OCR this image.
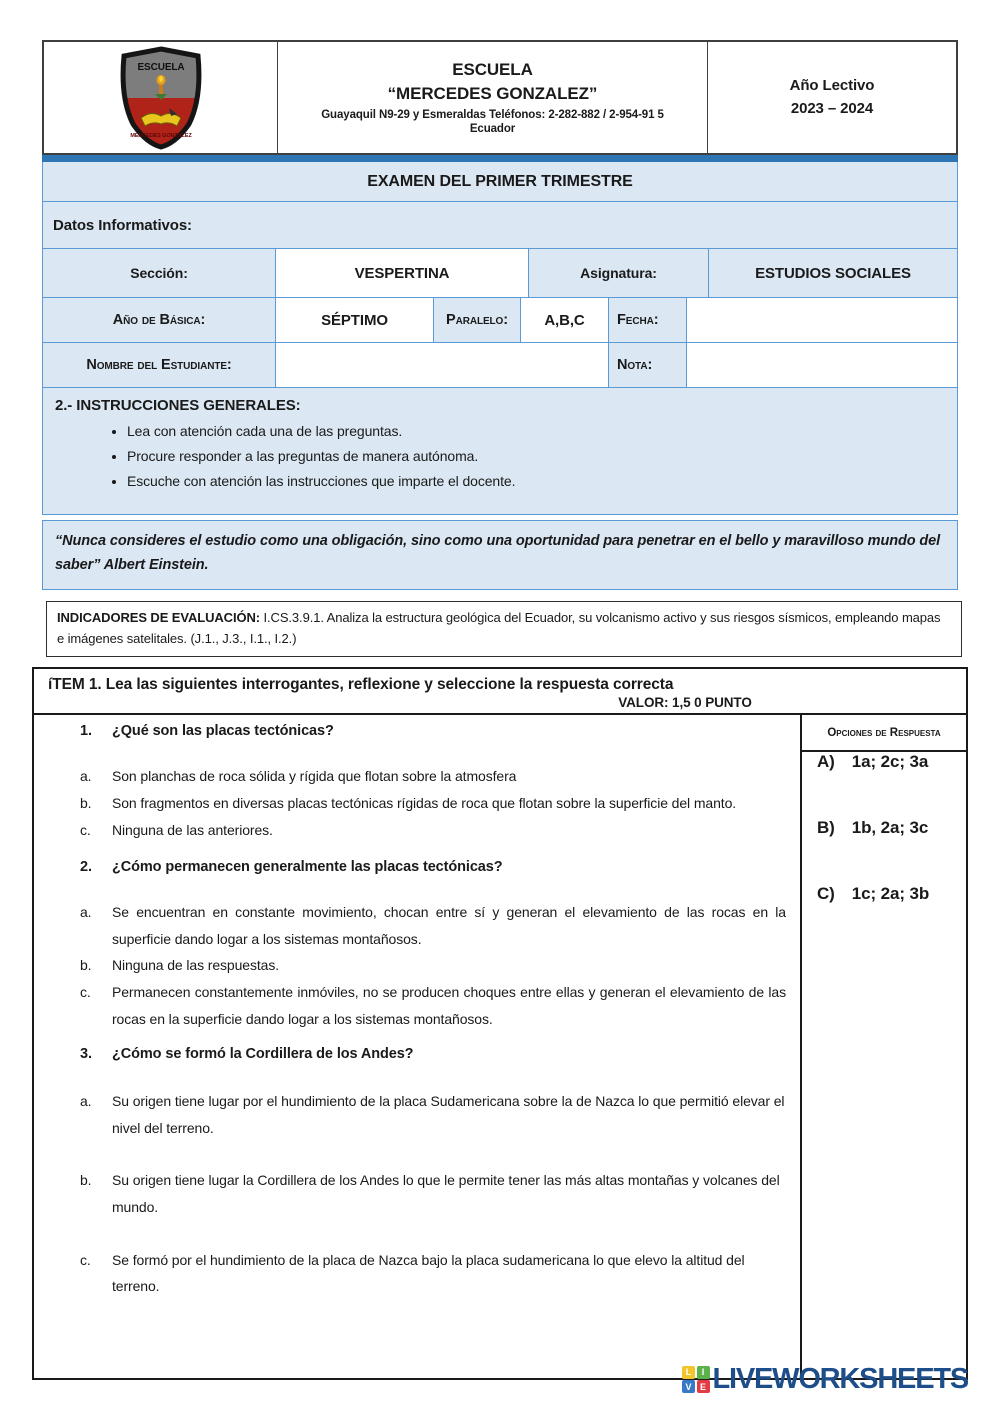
ESCUELA
MERCEDES GONZALEZ
ESCUELA
“MERCEDES GONZALEZ”
Guayaquil N9-29 y Esmeraldas Teléfonos: 2-282-882 / 2-954-91 5
Ecuador
Año Lectivo
2023 – 2024
EXAMEN DEL PRIMER TRIMESTRE
Datos Informativos:
Sección:	VESPERTINA	Asignatura:	ESTUDIOS SOCIALES
Año de Básica:	SÉPTIMO	Paralelo:	A,B,C	Fecha:
Nombre del Estudiante:	Nota:
2.- INSTRUCCIONES GENERALES:
• Lea con atención cada una de las preguntas.
• Procure responder a las preguntas de manera autónoma.
• Escuche con atención las instrucciones que imparte el docente.
“Nunca consideres el estudio como una obligación, sino como una oportunidad para penetrar en el bello y maravilloso mundo del saber” Albert Einstein.
INDICADORES DE EVALUACIÓN: I.CS.3.9.1. Analiza la estructura geológica del Ecuador, su volcanismo activo y sus riesgos sísmicos, empleando mapas e imágenes satelitales. (J.1., J.3., I.1., I.2.)
íTEM 1. Lea las siguientes interrogantes, reflexione y seleccione la respuesta correcta
VALOR: 1,5 0 PUNTO
1.	¿Qué son las placas tectónicas?
a.	Son planchas de roca sólida y rígida que flotan sobre la atmosfera
b.	Son fragmentos en diversas placas tectónicas rígidas de roca que flotan sobre la superficie del manto.
c.	Ninguna de las anteriores.
2.	¿Cómo permanecen generalmente las placas tectónicas?
a.	Se encuentran en constante movimiento, chocan entre sí y generan el elevamiento de las rocas en la superficie dando logar a los sistemas montañosos.
b.	Ninguna de las respuestas.
c.	Permanecen constantemente inmóviles, no se producen choques entre ellas y generan el elevamiento de las rocas en la superficie dando logar a los sistemas montañosos.
3.	¿Cómo se formó la Cordillera de los Andes?
a.	Su origen tiene lugar por el hundimiento de la placa Sudamericana sobre la de Nazca lo que permitió elevar el nivel del terreno.
b.	Su origen tiene lugar la Cordillera de los Andes lo que le permite tener las más altas montañas y volcanes del mundo.
c.	Se formó por el hundimiento de la placa de Nazca bajo la placa sudamericana lo que elevo la altitud del terreno.
Opciones de Respuesta
A) 1a; 2c; 3a
B) 1b, 2a; 3c
C) 1c; 2a; 3b
L	I
V E LIVEWORKSHEETS
